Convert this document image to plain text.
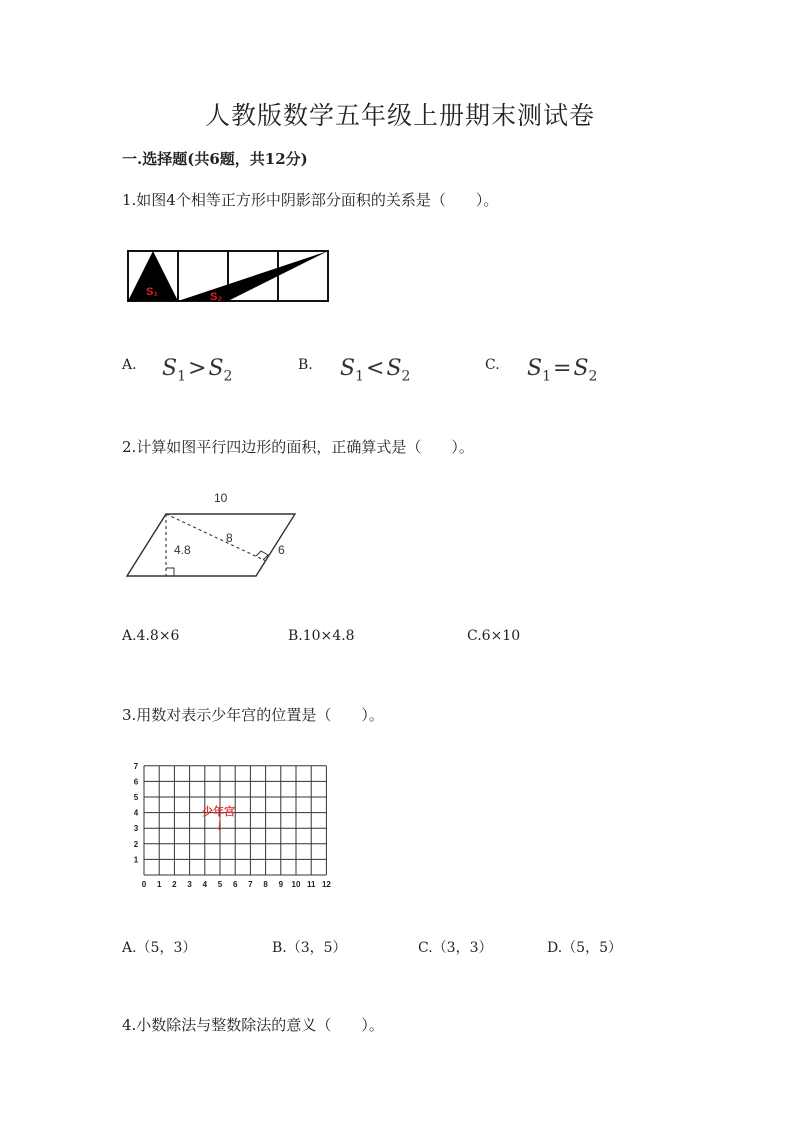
人教版数学五年级上册期末测试卷
一.选择题(共6题，共12分)
1.如图4个相等正方形中阴影部分面积的关系是（　　）。
S₁	S₂
A. $S_1>S_2$
B. $S_1<S_2$
C. $S_1=S_2$
2.计算如图平行四边形的面积，正确算式是（　　）。
10
4.8
8
6
A.4.8×6	B.10×4.8	C.6×10
3.用数对表示少年宫的位置是（　　）。
0 1 2 3 4 5 6 7 8 9 10 11 12
1
2
3
4
5
6
7
少年宫
A.（5，3）	B.（3，5）	C.（3，3）	D.（5，5）
4.小数除法与整数除法的意义（　　）。
